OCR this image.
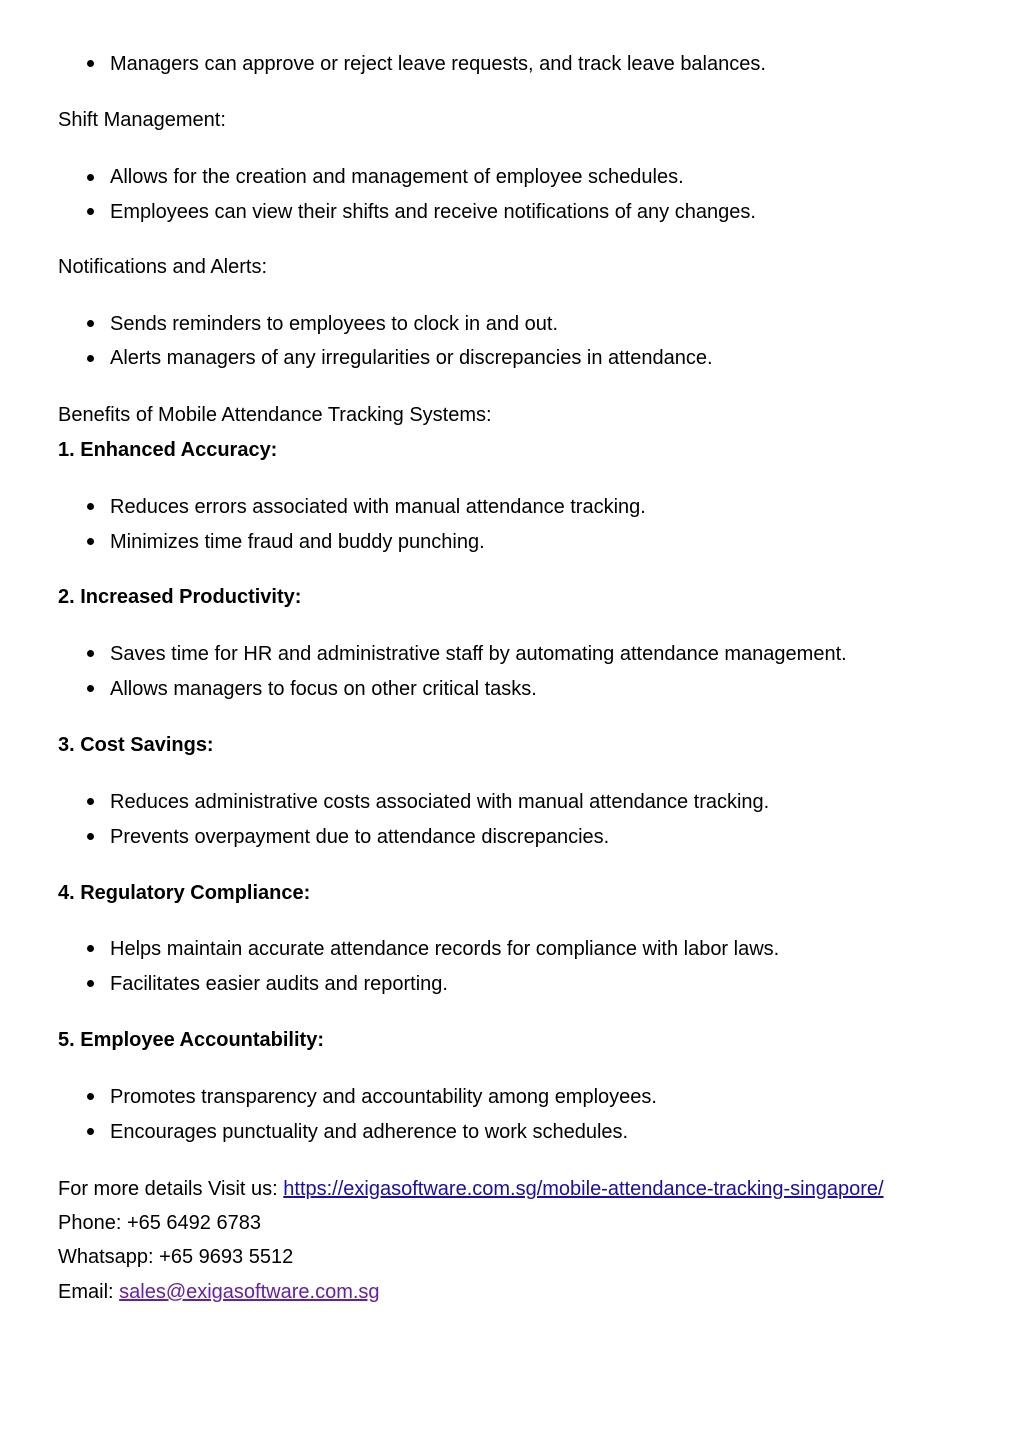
Managers can approve or reject leave requests, and track leave balances.
Shift Management:
Allows for the creation and management of employee schedules.
Employees can view their shifts and receive notifications of any changes.
Notifications and Alerts:
Sends reminders to employees to clock in and out.
Alerts managers of any irregularities or discrepancies in attendance.
Benefits of Mobile Attendance Tracking Systems:
1. Enhanced Accuracy:
Reduces errors associated with manual attendance tracking.
Minimizes time fraud and buddy punching.
2. Increased Productivity:
Saves time for HR and administrative staff by automating attendance management.
Allows managers to focus on other critical tasks.
3. Cost Savings:
Reduces administrative costs associated with manual attendance tracking.
Prevents overpayment due to attendance discrepancies.
4. Regulatory Compliance:
Helps maintain accurate attendance records for compliance with labor laws.
Facilitates easier audits and reporting.
5. Employee Accountability:
Promotes transparency and accountability among employees.
Encourages punctuality and adherence to work schedules.
For more details Visit us: https://exigasoftware.com.sg/mobile-attendance-tracking-singapore/
Phone: +65 6492 6783
Whatsapp: +65 9693 5512
Email: sales@exigasoftware.com.sg
